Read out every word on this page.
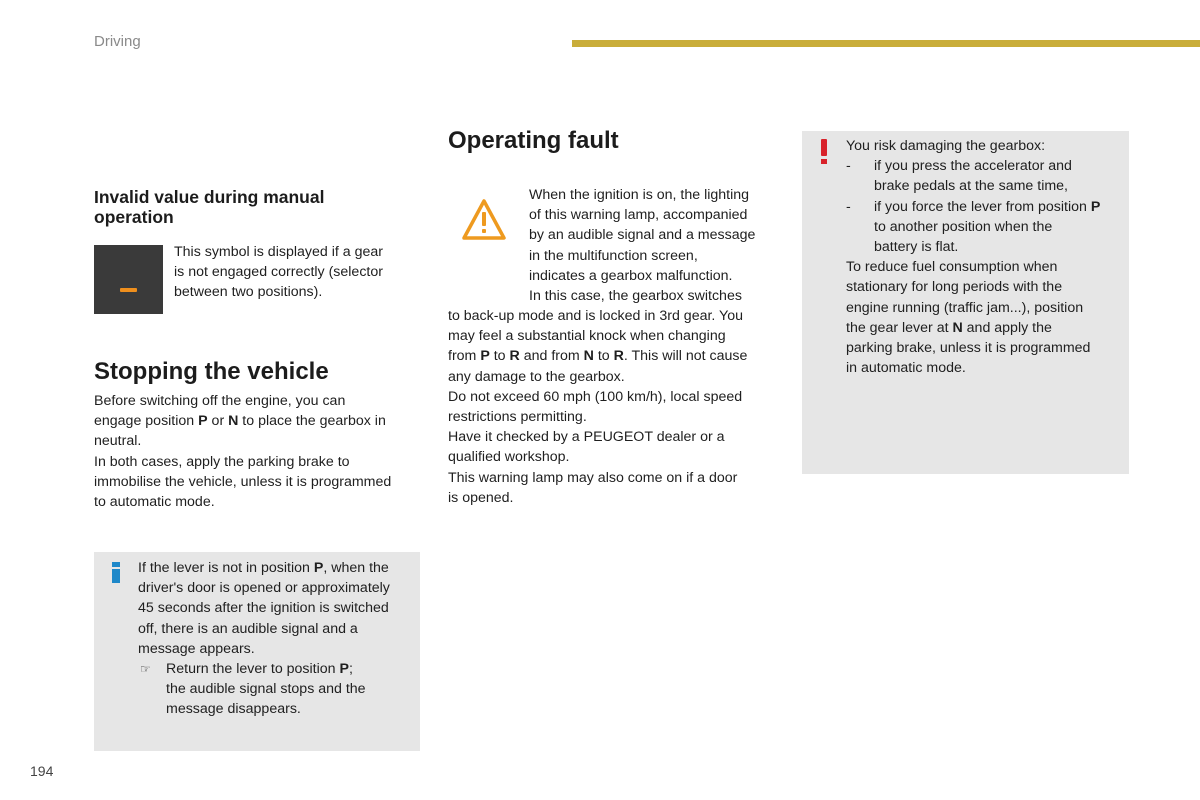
Driving
194
Invalid value during manual
operation

This symbol is displayed if a gear

is not engaged correctly (selector

between two positions).

Stopping the vehicle

Before switching off the engine, you can

engage position P or N to place the gearbox in

neutral.

In both cases, apply the parking brake to

immobilise the vehicle, unless it is programmed

to automatic mode.

If the lever is not in position P, when the

driver's door is opened or approximately

45 seconds after the ignition is switched

off, there is an audible signal and a

message appears.

☞ Return the lever to position P;

the audible signal stops and the

message disappears.

Operating fault

When the ignition is on, the lighting

of this warning lamp, accompanied

by an audible signal and a message

in the multifunction screen,

indicates a gearbox malfunction.

In this case, the gearbox switches

to back-up mode and is locked in 3rd gear. You

may feel a substantial knock when changing

from P to R and from N to R. This will not cause

any damage to the gearbox.

Do not exceed 60 mph (100 km/h), local speed

restrictions permitting.

Have it checked by a PEUGEOT dealer or a

qualified workshop.

This warning lamp may also come on if a door

is opened.

You risk damaging the gearbox:

- if you press the accelerator and

brake pedals at the same time,

- if you force the lever from position P

to another position when the

battery is flat.

To reduce fuel consumption when

stationary for long periods with the

engine running (traffic jam...), position

the gear lever at N and apply the

parking brake, unless it is programmed

in automatic mode.
